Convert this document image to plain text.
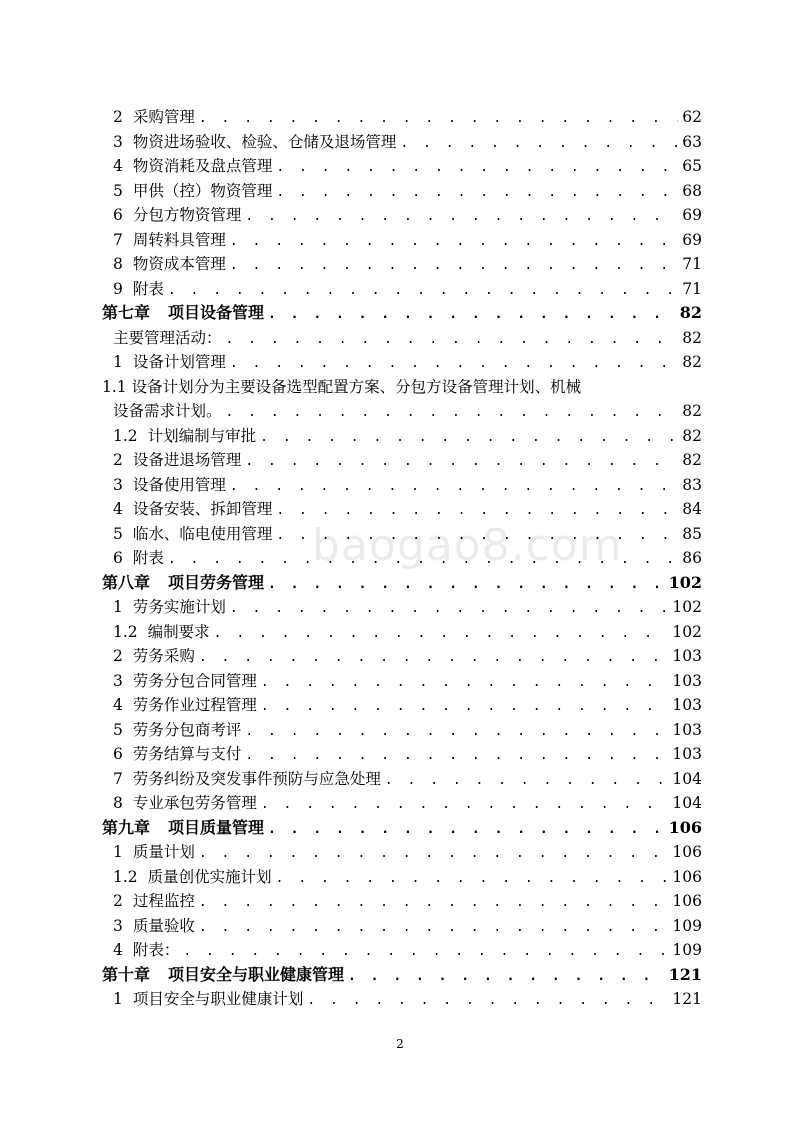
2 采购管理 . . .	62
3 物资进场验收、检验、仓储及退场管理 . . .	63
4 物资消耗及盘点管理 . . .	65
5 甲供（控）物资管理 . . .	68
6 分包方物资管理 . . .	69
7 周转料具管理 . . .	69
8 物资成本管理 . . .	71
9 附表 . . .	71
第七章 项目设备管理 . . .	82
主要管理活动： . . .	82
1 设备计划管理 . . .	82
1.1 设备计划分为主要设备选型配置方案、分包方设备管理计划、机械
设备需求计划。 . . .	82
1.2 计划编制与审批 . . .	82
2 设备进退场管理 . . .	82
3 设备使用管理 . . .	83
4 设备安装、拆卸管理 . . .	84
5 临水、临电使用管理 . . .	85
6 附表 . . .	86
第八章 项目劳务管理 . . .	102
1 劳务实施计划 . . .	102
1.2 编制要求 . . .	102
2 劳务采购 . . .	103
3 劳务分包合同管理 . . .	103
4 劳务作业过程管理 . . .	103
5 劳务分包商考评 . . .	103
6 劳务结算与支付 . . .	103
7 劳务纠纷及突发事件预防与应急处理 . . .	104
8 专业承包劳务管理 . . .	104
第九章 项目质量管理 . . .	106
1 质量计划 . . .	106
1.2 质量创优实施计划 . . .	106
2 过程监控 . . .	106
3 质量验收 . . .	109
4 附表： . . .	109
第十章 项目安全与职业健康管理 . . .	121
1 项目安全与职业健康计划 . . .	121
baogao8.com
2
